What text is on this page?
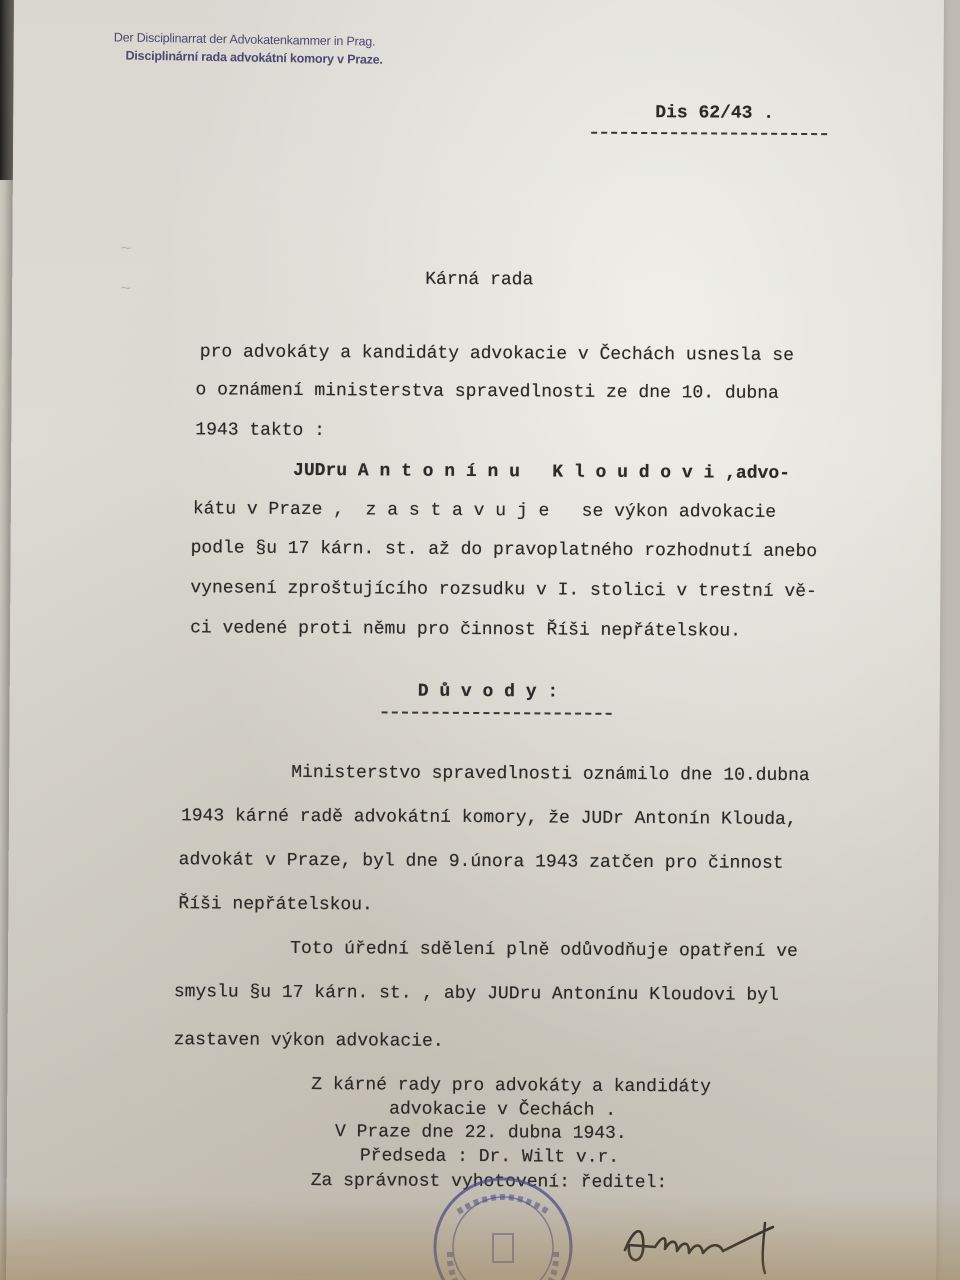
Der Disciplinarrat der Advokatenkammer in Prag.
Disciplinární rada advokátní komory v Praze.
Dis 62/43 .
~
~	Kárná rada
pro advokáty a kandidáty advokacie v Čechách usnesla se
o oznámení ministerstva spravedlnosti ze dne 10. dubna
1943 takto :
JUDru A n t o n í n u   K l o u d o v i ,advo-
kátu v Praze ,  z a s t a v u j e   se výkon advokacie
podle §u 17 kárn. st. až do pravoplatného rozhodnutí anebo
vynesení zproštujícího rozsudku v I. stolici v trestní vě-
ci vedené proti němu pro činnost Říši nepřátelskou.
D ů v o d y :
Ministerstvo spravedlnosti oznámilo dne 10.dubna
1943 kárné radě advokátní komory, že JUDr Antonín Klouda,
advokát v Praze, byl dne 9.února 1943 zatčen pro činnost
Říši nepřátelskou.
Toto úřední sdělení plně odůvodňuje opatření ve
smyslu §u 17 kárn. st. , aby JUDru Antonínu Kloudovi byl
zastaven výkon advokacie.
Z kárné rady pro advokáty a kandidáty
advokacie v Čechách .
V Praze dne 22. dubna 1943.
Předseda : Dr. Wilt v.r.
Za správnost vyhotovení: ředitel:
